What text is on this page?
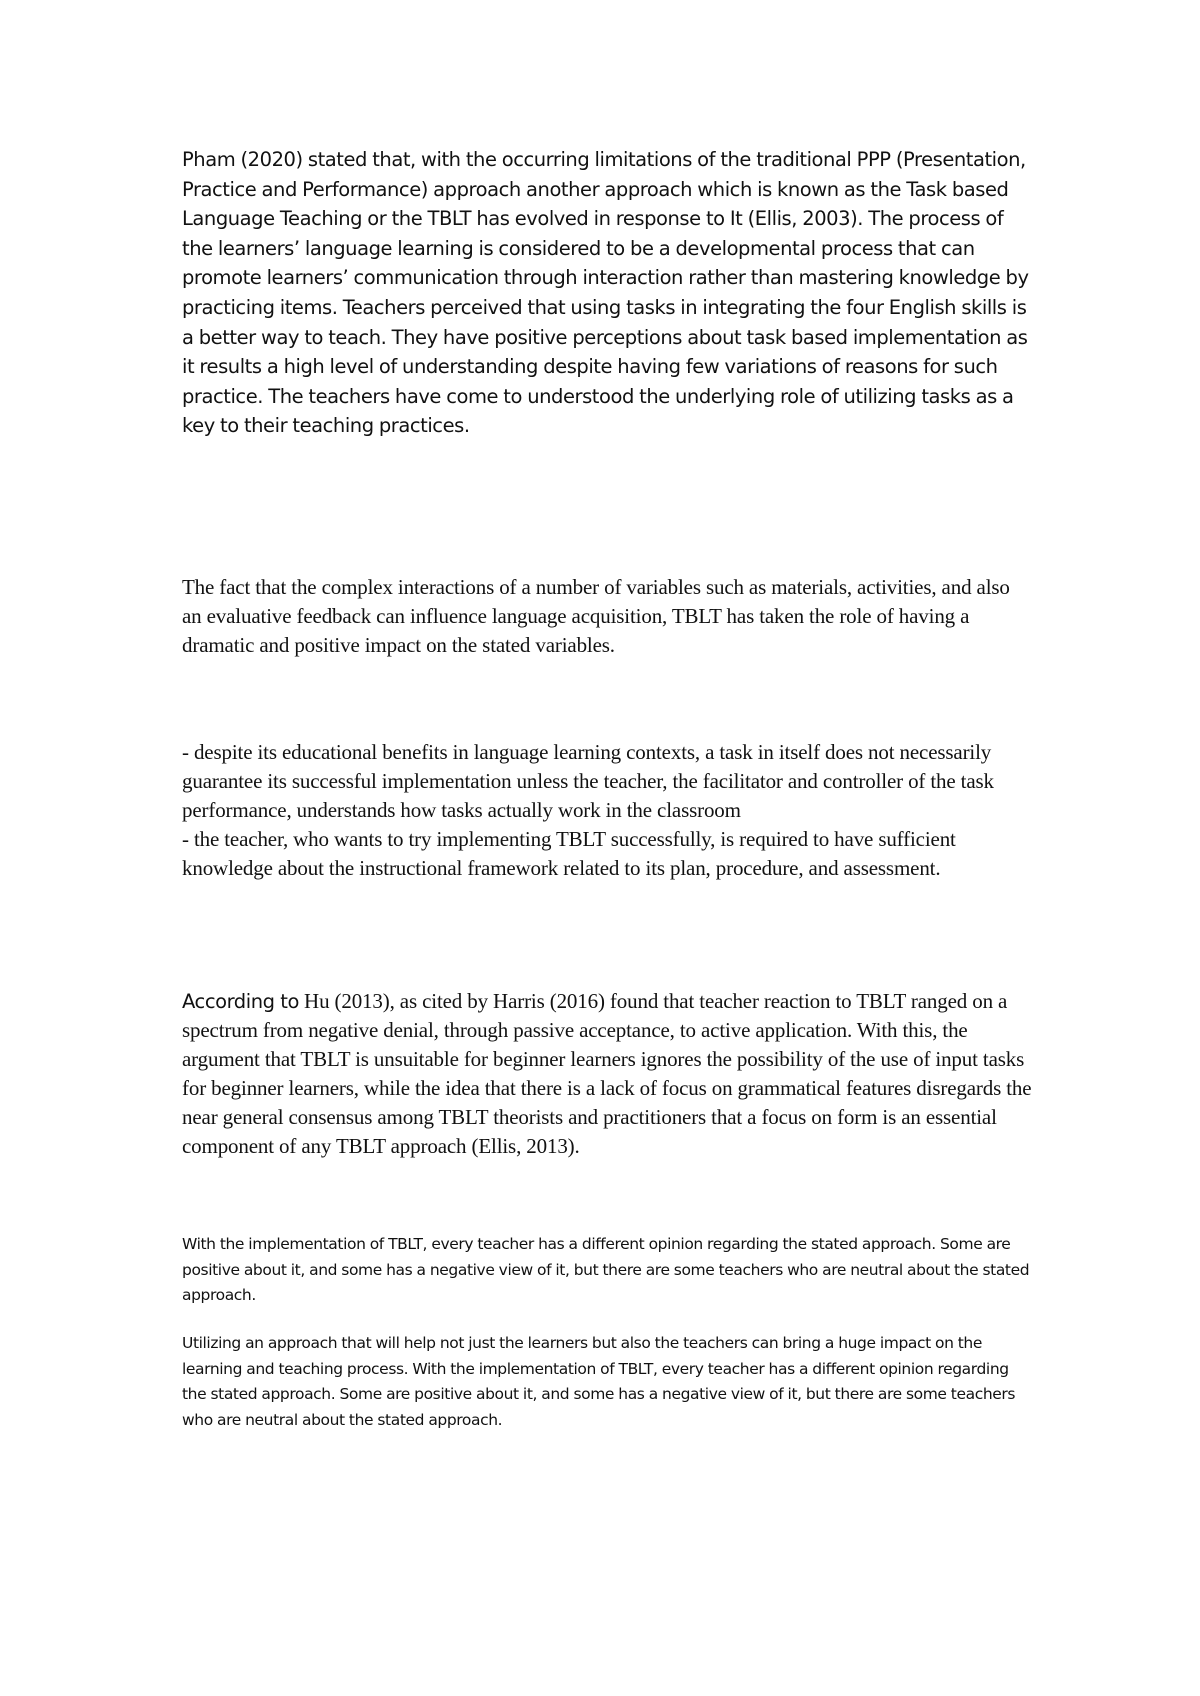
Pham (2020) stated that, with the occurring limitations of the traditional PPP (Presentation, Practice and Performance) approach another approach which is known as the Task based Language Teaching or the TBLT has evolved in response to It (Ellis, 2003). The process of the learners’ language learning is considered to be a developmental process that can promote learners’ communication through interaction rather than mastering knowledge by practicing items. Teachers perceived that using tasks in integrating the four English skills is a better way to teach. They have positive perceptions about task based implementation as it results a high level of understanding despite having few variations of reasons for such practice. The teachers have come to understood the underlying role of utilizing tasks as a key to their teaching practices.

The fact that the complex interactions of a number of variables such as materials, activities, and also an evaluative feedback can influence language acquisition, TBLT has taken the role of having a dramatic and positive impact on the stated variables.

- despite its educational benefits in language learning contexts, a task in itself does not necessarily guarantee its successful implementation unless the teacher, the facilitator and controller of the task performance, understands how tasks actually work in the classroom
- the teacher, who wants to try implementing TBLT successfully, is required to have sufficient knowledge about the instructional framework related to its plan, procedure, and assessment.

According to Hu (2013), as cited by Harris (2016) found that teacher reaction to TBLT ranged on a spectrum from negative denial, through passive acceptance, to active application. With this, the argument that TBLT is unsuitable for beginner learners ignores the possibility of the use of input tasks for beginner learners, while the idea that there is a lack of focus on grammatical features disregards the near general consensus among TBLT theorists and practitioners that a focus on form is an essential component of any TBLT approach (Ellis, 2013).

With the implementation of TBLT, every teacher has a different opinion regarding the stated approach. Some are positive about it, and some has a negative view of it, but there are some teachers who are neutral about the stated approach.

Utilizing an approach that will help not just the learners but also the teachers can bring a huge impact on the learning and teaching process. With the implementation of TBLT, every teacher has a different opinion regarding the stated approach. Some are positive about it, and some has a negative view of it, but there are some teachers who are neutral about the stated approach.
